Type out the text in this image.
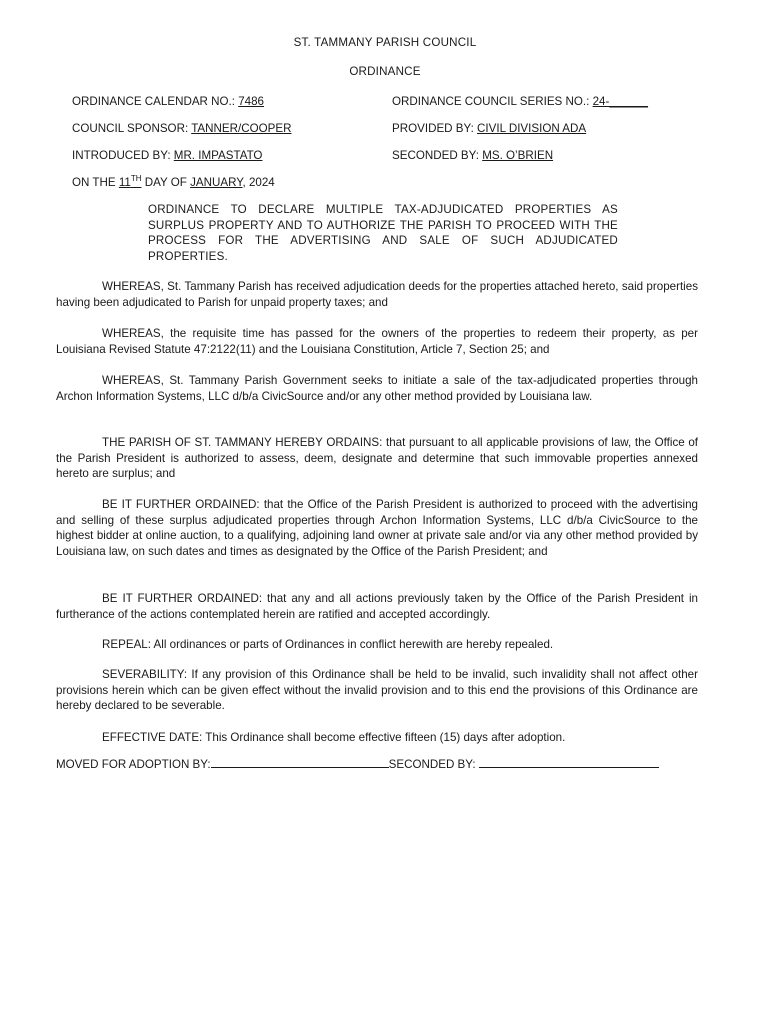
ST. TAMMANY PARISH COUNCIL
ORDINANCE
ORDINANCE CALENDAR NO.: 7486	ORDINANCE COUNCIL SERIES NO.: 24-______
COUNCIL SPONSOR: TANNER/COOPER	PROVIDED BY: CIVIL DIVISION ADA
INTRODUCED BY: MR. IMPASTATO	SECONDED BY: MS. O’BRIEN
ON THE 11TH DAY OF JANUARY, 2024
ORDINANCE TO DECLARE MULTIPLE TAX-ADJUDICATED PROPERTIES AS SURPLUS PROPERTY AND TO AUTHORIZE THE PARISH TO PROCEED WITH THE PROCESS FOR THE ADVERTISING AND SALE OF SUCH ADJUDICATED PROPERTIES.
WHEREAS, St. Tammany Parish has received adjudication deeds for the properties attached hereto, said properties having been adjudicated to Parish for unpaid property taxes; and
WHEREAS, the requisite time has passed for the owners of the properties to redeem their property, as per Louisiana Revised Statute 47:2122(11) and the Louisiana Constitution, Article 7, Section 25; and
WHEREAS, St. Tammany Parish Government seeks to initiate a sale of the tax-adjudicated properties through Archon Information Systems, LLC d/b/a CivicSource and/or any other method provided by Louisiana law.
THE PARISH OF ST. TAMMANY HEREBY ORDAINS: that pursuant to all applicable provisions of law, the Office of the Parish President is authorized to assess, deem, designate and determine that such immovable properties annexed hereto are surplus; and
BE IT FURTHER ORDAINED: that the Office of the Parish President is authorized to proceed with the advertising and selling of these surplus adjudicated properties through Archon Information Systems, LLC d/b/a CivicSource to the highest bidder at online auction, to a qualifying, adjoining land owner at private sale and/or via any other method provided by Louisiana law, on such dates and times as designated by the Office of the Parish President; and
BE IT FURTHER ORDAINED: that any and all actions previously taken by the Office of the Parish President in furtherance of the actions contemplated herein are ratified and accepted accordingly.
REPEAL: All ordinances or parts of Ordinances in conflict herewith are hereby repealed.
SEVERABILITY: If any provision of this Ordinance shall be held to be invalid, such invalidity shall not affect other provisions herein which can be given effect without the invalid provision and to this end the provisions of this Ordinance are hereby declared to be severable.
EFFECTIVE DATE: This Ordinance shall become effective fifteen (15) days after adoption.
MOVED FOR ADOPTION BY:	SECONDED BY:
